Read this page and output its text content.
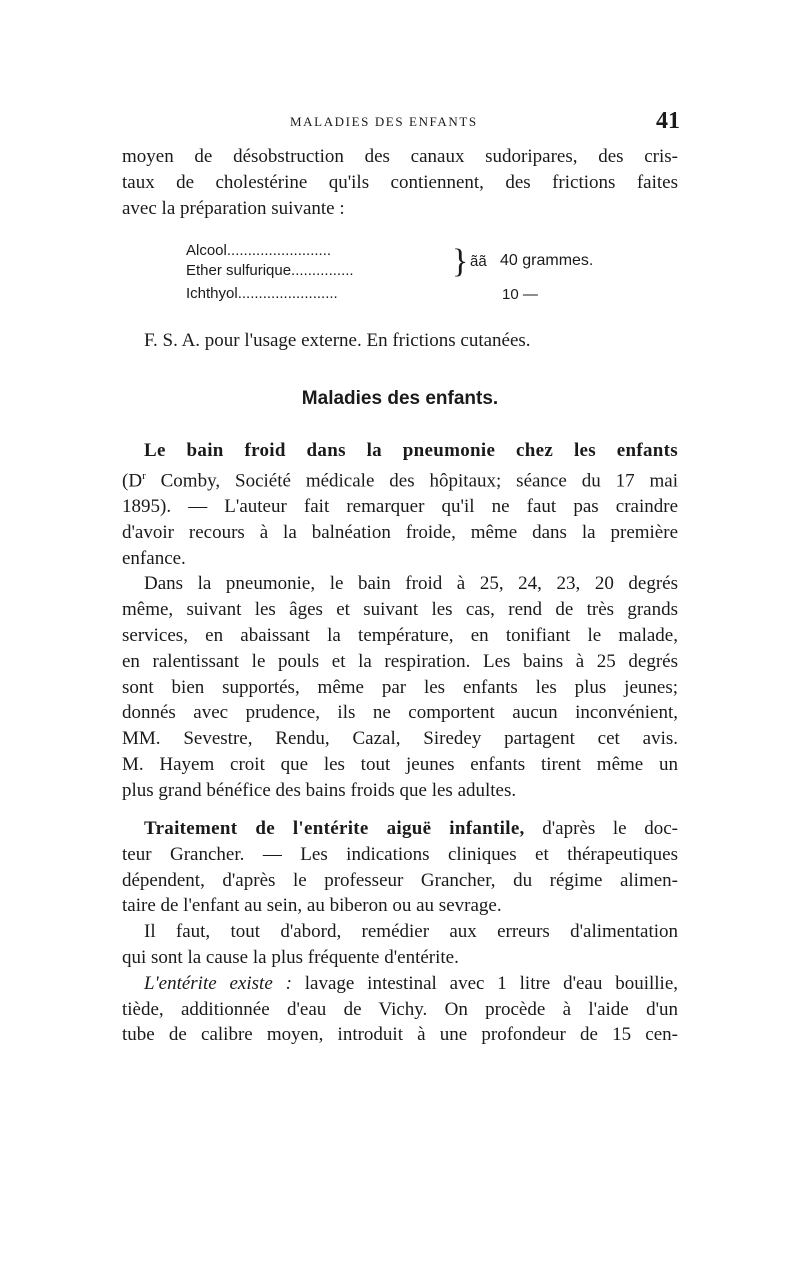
MALADIES DES ENFANTS	41
moyen de désobstruction des canaux sudoripares, des cris-
taux de cholestérine qu'ils contiennent, des frictions faites
avec la préparation suivante :
Alcool.........................
Ether sulfurique...............
Ichthyol........................
} ãã 40 grammes.
10 —
F. S. A. pour l'usage externe. En frictions cutanées.
Maladies des enfants.
Le bain froid dans la pneumonie chez les enfants
($D^r$ Comby, Société médicale des hôpitaux; séance du 17 mai
1895). — L'auteur fait remarquer qu'il ne faut pas craindre
d'avoir recours à la balnéation froide, même dans la première
enfance.
Dans la pneumonie, le bain froid à 25, 24, 23, 20 degrés
même, suivant les âges et suivant les cas, rend de très grands
services, en abaissant la température, en tonifiant le malade,
en ralentissant le pouls et la respiration. Les bains à 25 degrés
sont bien supportés, même par les enfants les plus jeunes;
donnés avec prudence, ils ne comportent aucun inconvénient,
MM. Sevestre, Rendu, Cazal, Siredey partagent cet avis.
M. Hayem croit que les tout jeunes enfants tirent même un
plus grand bénéfice des bains froids que les adultes.
Traitement de l'entérite aiguë infantile, d'après le doc-
teur Grancher. — Les indications cliniques et thérapeutiques
dépendent, d'après le professeur Grancher, du régime alimen-
taire de l'enfant au sein, au biberon ou au sevrage.
Il faut, tout d'abord, remédier aux erreurs d'alimentation
qui sont la cause la plus fréquente d'entérite.
L'entérite existe : lavage intestinal avec 1 litre d'eau bouillie,
tiède, additionnée d'eau de Vichy. On procède à l'aide d'un
tube de calibre moyen, introduit à une profondeur de 15 cen-
